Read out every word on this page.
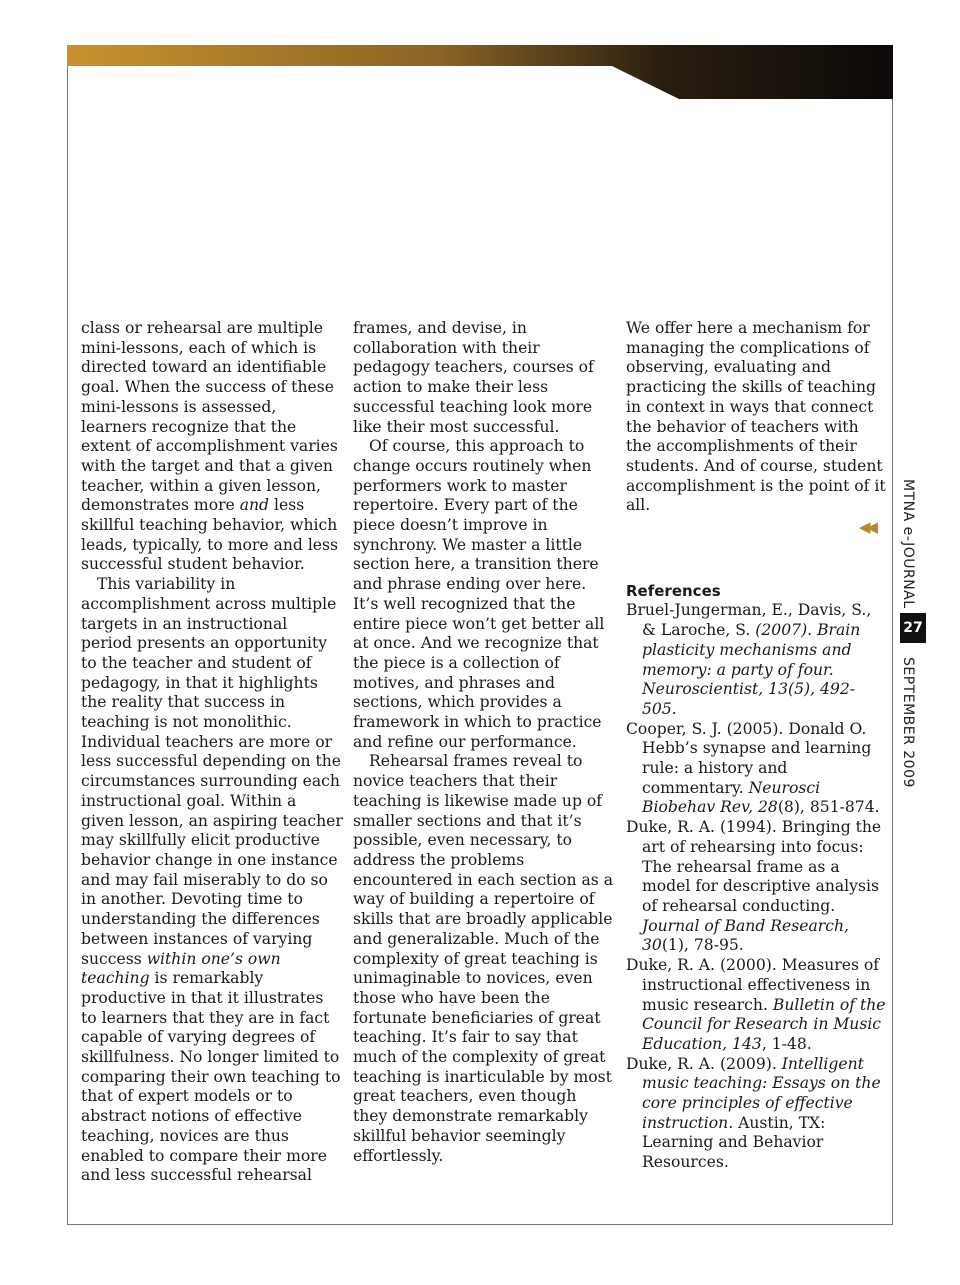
class or rehearsal are multiple mini-lessons, each of which is directed toward an identifiable goal. When the success of these mini-lessons is assessed, learners recognize that the extent of accomplishment varies with the target and that a given teacher, within a given lesson, demonstrates more and less skillful teaching behavior, which leads, typically, to more and less successful student behavior.

This variability in accomplishment across multiple targets in an instructional period presents an opportunity to the teacher and student of pedagogy, in that it highlights the reality that success in teaching is not monolithic. Individual teachers are more or less successful depending on the circumstances surrounding each instructional goal. Within a given lesson, an aspiring teacher may skillfully elicit productive behavior change in one instance and may fail miserably to do so in another. Devoting time to understanding the differences between instances of varying success within one’s own teaching is remarkably productive in that it illustrates to learners that they are in fact capable of varying degrees of skillfulness. No longer limited to comparing their own teaching to that of expert models or to abstract notions of effective teaching, novices are thus enabled to compare their more and less successful rehearsal

frames, and devise, in collaboration with their pedagogy teachers, courses of action to make their less successful teaching look more like their most successful.

Of course, this approach to change occurs routinely when performers work to master repertoire. Every part of the piece doesn’t improve in synchrony. We master a little section here, a transition there and phrase ending over here. It’s well recognized that the entire piece won’t get better all at once. And we recognize that the piece is a collection of motives, and phrases and sections, which provides a framework in which to practice and refine our performance.

Rehearsal frames reveal to novice teachers that their teaching is likewise made up of smaller sections and that it’s possible, even necessary, to address the problems encountered in each section as a way of building a repertoire of skills that are broadly applicable and generalizable. Much of the complexity of great teaching is unimaginable to novices, even those who have been the fortunate beneficiaries of great teaching. It’s fair to say that much of the complexity of great teaching is inarticulable by most great teachers, even though they demonstrate remarkably skillful behavior seemingly effortlessly.

We offer here a mechanism for managing the complications of observing, evaluating and practicing the skills of teaching in context in ways that connect the behavior of teachers with the accomplishments of their students. And of course, student accomplishment is the point of it all.

◀◀

References

Bruel-Jungerman, E., Davis, S., & Laroche, S. (2007). Brain plasticity mechanisms and memory: a party of four. Neuroscientist, 13(5), 492-505.

Cooper, S. J. (2005). Donald O. Hebb’s synapse and learning rule: a history and commentary. Neurosci Biobehav Rev, 28(8), 851-874.

Duke, R. A. (1994). Bringing the art of rehearsing into focus: The rehearsal frame as a model for descriptive analysis of rehearsal conducting. Journal of Band Research, 30(1), 78-95.

Duke, R. A. (2000). Measures of instructional effectiveness in music research. Bulletin of the Council for Research in Music Education, 143, 1-48.

Duke, R. A. (2009). Intelligent music teaching: Essays on the core principles of effective instruction. Austin, TX: Learning and Behavior Resources.

MTNA e-JOURNAL
27
SEPTEMBER 2009
